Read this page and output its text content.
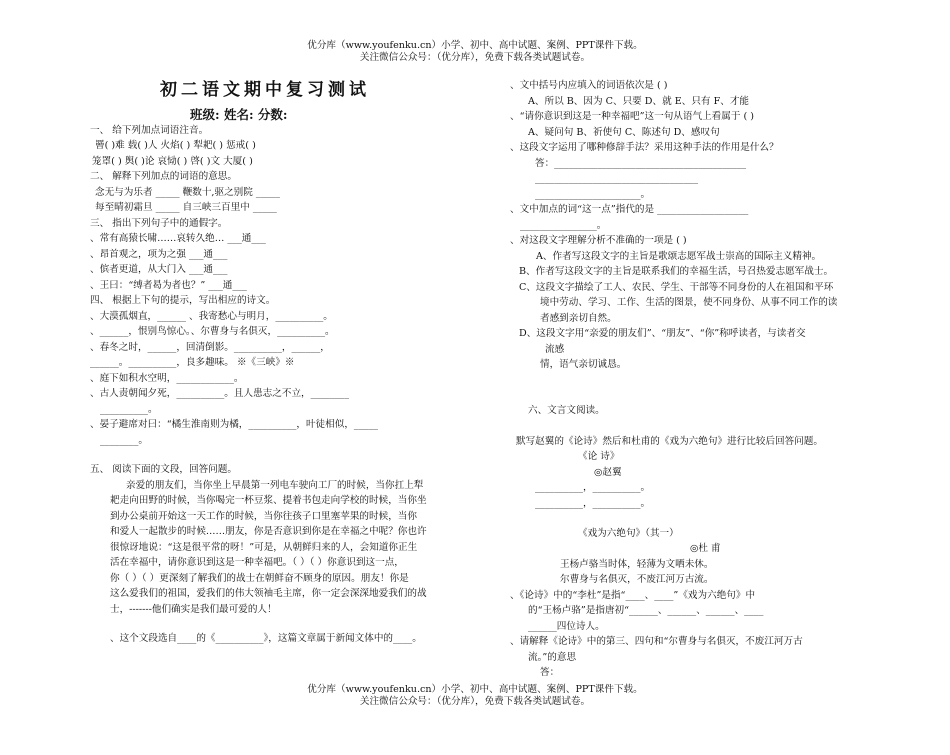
优分库（www.youfenku.cn）小学、初中、高中试题、案例、PPT课件下载。
关注微信公众号：（优分库），免费下载各类试题试卷。
初二语文期中复习测试
班级: 姓名: 分数:
一、 给下列加点词语注音。
罾( )难 载( )人 火焰( ) 犁耙( ) 惩戒( )
笼罩( ) 舆( )论 哀恸( ) 啓( )文 大厦( )
二、 解释下列加点的词语的意思。
念无与为乐者 _____ 鞭数十,驱之别院 _____
每至晴初霜旦 _____ 自三峡三百里中 _____
三、 指出下列句子中的通假字。
、常有高猿长啸……哀转久绝… ___通___
、昂首观之，项为之强 ___通___
、傧者更道，从大门入 ___通___
、王曰：“缚者曷为者也？” ___通___
四、 根据上下句的提示，写出相应的诗文。
、大漠孤烟直，______ 、我寄愁心与明月，__________。
、______，恨别鸟惊心。、尔曹身与名俱灭，__________。
、春冬之时，______，回清倒影。__________，______，
______。__________，良多趣味。 ※《三峡》※
、庭下如积水空明，____________。
、古人责朝闻夕死，__________。且人患志之不立，________
__________。
、晏子避席对曰：“橘生淮南则为橘，__________，叶徒相似，_____
________。
五、 阅读下面的文段，回答问题。
亲爱的朋友们，当你坐上早晨第一列电车驶向工厂的时候，当你扛上犁
耙走向田野的时候，当你喝完一杯豆浆、提着书包走向学校的时候，当你坐
到办公桌前开始这一天工作的时候，当你往孩子口里塞苹果的时候，当你
和爱人一起散步的时候……朋友，你是否意识到你是在幸福之中呢？你也许
很惊讶地说：“这是很平常的呀！”可是，从朝鲜归来的人，会知道你正生
活在幸福中，请你意识到这是一种幸福吧。（ ）（ ）你意识到这一点，
你（ ）（ ）更深刻了解我们的战士在朝鲜奋不顾身的原因。朋友！你是
这么爱我们的祖国，爱我们的伟大领袖毛主席，你一定会深深地爱我们的战
士，-------他们确实是我们最可爱的人！
、这个文段选自____的《__________》，这篇文章属于新闻文体中的____。
、文中括号内应填入的词语依次是 ( )
A、所以 B、因为 C、只要 D、就 E、只有 F、才能
、“请你意识到这是一种幸福吧”这一句从语气上看属于 ( )
A、疑问句 B、祈使句 C、陈述句 D、感叹句
、这段文字运用了哪种修辞手法？采用这种手法的作用是什么？
答：________________________________________
__________________________________
______________________。
、文中加点的词“这一点”指代的是 ___________________
________________。
、对这段文字理解分析不准确的一项是 ( )
A、作者写这段文字的主旨是歌颂志愿军战士崇高的国际主义精神。
B、作者写这段文字的主旨是联系我们的幸福生活，号召热爱志愿军战士。
C、这段文字描绘了工人、农民、学生、干部等不同身份的人在祖国和平环
境中劳动、学习、工作、生活的图景，使不同身份、从事不同工作的读
者感到亲切自然。
D、这段文字用“亲爱的朋友们”、“朋友”、“你”称呼读者，与读者交
流感
情，语气亲切诚恳。
六、文言文阅读。
默写赵翼的《论诗》然后和杜甫的《戏为六绝句》进行比较后回答问题。
《论 诗》
◎赵翼
__________，__________。
__________，__________。
《戏为六绝句》（其一）
◎杜 甫
王杨卢骆当时体，轻薄为文哂未休。
尔曹身与名俱灭，不废江河万古流。
、《论诗》中的“李杜”是指“____、____”《戏为六绝句》中
的“王杨卢骆”是指唐初“______、______、______、____
______四位诗人。
、请解释《论诗》中的第三、四句和“尔曹身与名俱灭，不废江河万古
流。”的意思
答：
优分库（www.youfenku.cn）小学、初中、高中试题、案例、PPT课件下载。
关注微信公众号：（优分库），免费下载各类试题试卷。
